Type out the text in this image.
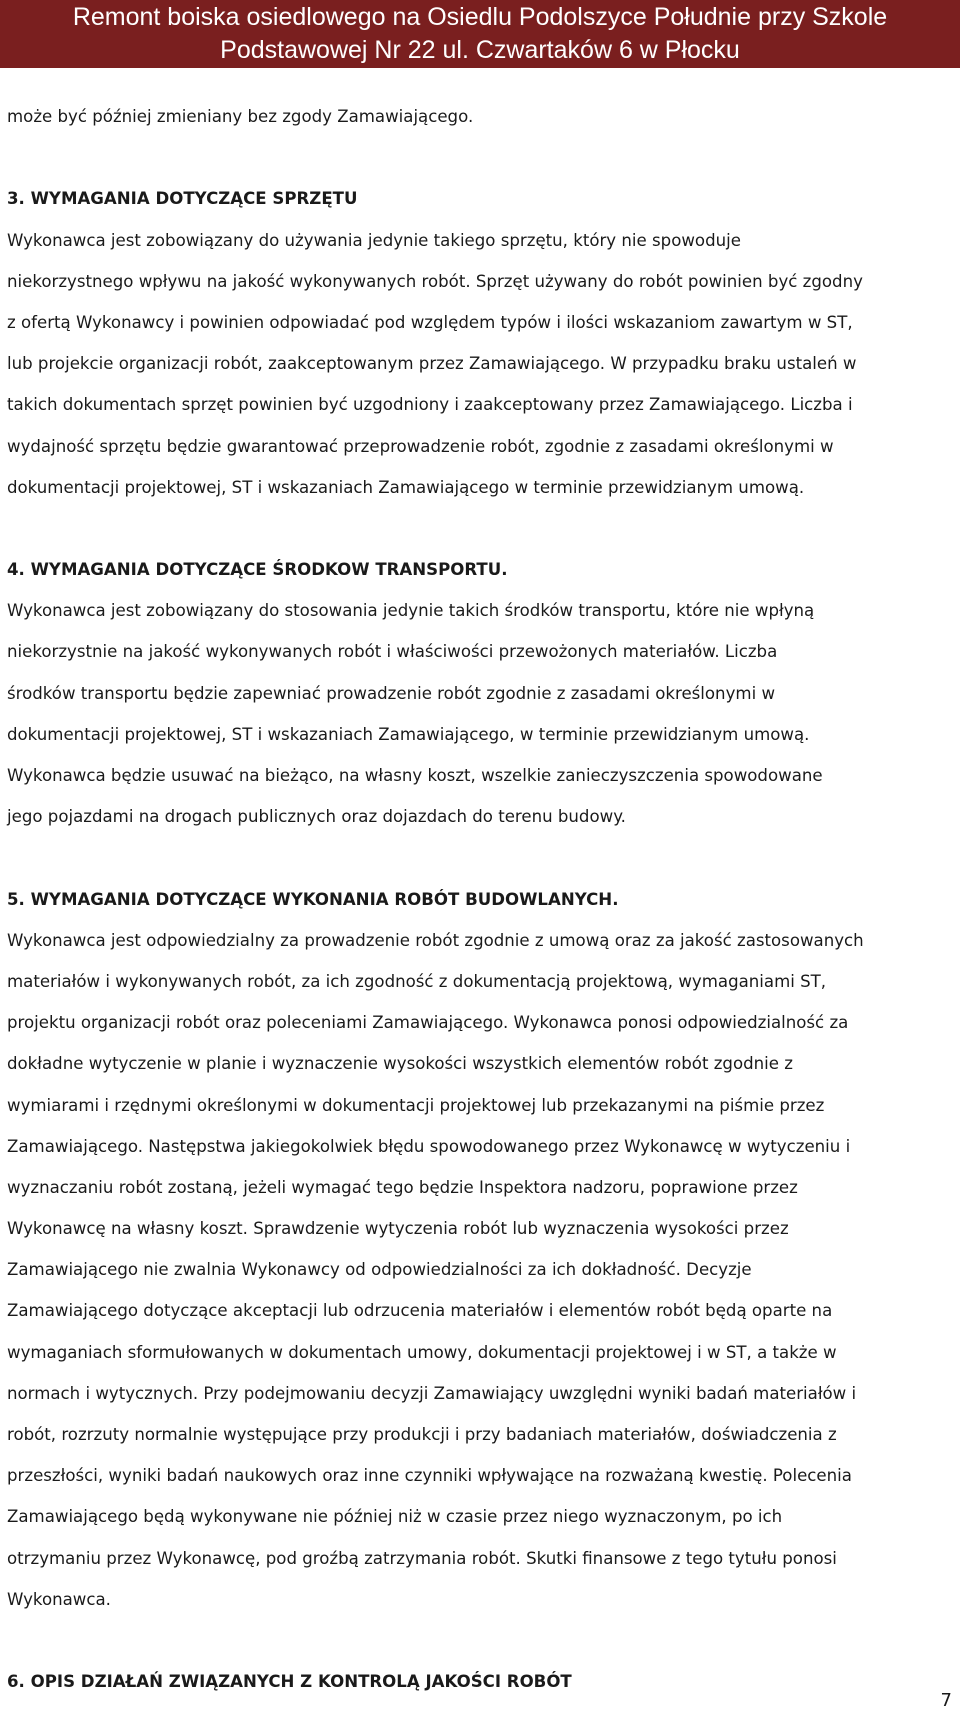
Remont boiska osiedlowego na Osiedlu Podolszyce Południe przy Szkole
Podstawowej Nr 22 ul. Czwartaków 6 w Płocku
może być później zmieniany bez zgody Zamawiającego.
3. WYMAGANIA DOTYCZĄCE SPRZĘTU
Wykonawca jest zobowiązany do używania jedynie takiego sprzętu, który nie spowoduje
niekorzystnego wpływu na jakość wykonywanych robót. Sprzęt używany do robót powinien być zgodny
z ofertą Wykonawcy i powinien odpowiadać pod względem typów i ilości wskazaniom zawartym w ST,
lub projekcie organizacji robót, zaakceptowanym przez Zamawiającego. W przypadku braku ustaleń w
takich dokumentach sprzęt powinien być uzgodniony i zaakceptowany przez Zamawiającego. Liczba i
wydajność sprzętu będzie gwarantować przeprowadzenie robót, zgodnie z zasadami określonymi w
dokumentacji projektowej, ST i wskazaniach Zamawiającego w terminie przewidzianym umową.
4. WYMAGANIA DOTYCZĄCE ŚRODKOW TRANSPORTU.
Wykonawca jest zobowiązany do stosowania jedynie takich środków transportu, które nie wpłyną
niekorzystnie na jakość wykonywanych robót i właściwości przewożonych materiałów. Liczba
środków transportu będzie zapewniać prowadzenie robót zgodnie z zasadami określonymi w
dokumentacji projektowej, ST i wskazaniach Zamawiającego, w terminie przewidzianym umową.
Wykonawca będzie usuwać na bieżąco, na własny koszt, wszelkie zanieczyszczenia spowodowane
jego pojazdami na drogach publicznych oraz dojazdach do terenu budowy.
5. WYMAGANIA DOTYCZĄCE WYKONANIA ROBÓT BUDOWLANYCH.
Wykonawca jest odpowiedzialny za prowadzenie robót zgodnie z umową oraz za jakość zastosowanych
materiałów i wykonywanych robót, za ich zgodność z dokumentacją projektową, wymaganiami ST,
projektu organizacji robót oraz poleceniami Zamawiającego. Wykonawca ponosi odpowiedzialność za
dokładne wytyczenie w planie i wyznaczenie wysokości wszystkich elementów robót zgodnie z
wymiarami i rzędnymi określonymi w dokumentacji projektowej lub przekazanymi na piśmie przez
Zamawiającego. Następstwa jakiegokolwiek błędu spowodowanego przez Wykonawcę w wytyczeniu i
wyznaczaniu robót zostaną, jeżeli wymagać tego będzie Inspektora nadzoru, poprawione przez
Wykonawcę na własny koszt. Sprawdzenie wytyczenia robót lub wyznaczenia wysokości przez
Zamawiającego nie zwalnia Wykonawcy od odpowiedzialności za ich dokładność. Decyzje
Zamawiającego dotyczące akceptacji lub odrzucenia materiałów i elementów robót będą oparte na
wymaganiach sformułowanych w dokumentach umowy, dokumentacji projektowej i w ST, a także w
normach i wytycznych. Przy podejmowaniu decyzji Zamawiający uwzględni wyniki badań materiałów i
robót, rozrzuty normalnie występujące przy produkcji i przy badaniach materiałów, doświadczenia z
przeszłości, wyniki badań naukowych oraz inne czynniki wpływające na rozważaną kwestię. Polecenia
Zamawiającego będą wykonywane nie później niż w czasie przez niego wyznaczonym, po ich
otrzymaniu przez Wykonawcę, pod groźbą zatrzymania robót. Skutki finansowe z tego tytułu ponosi
Wykonawca.
6. OPIS DZIAŁAŃ ZWIĄZANYCH Z KONTROLĄ JAKOŚCI ROBÓT
7
